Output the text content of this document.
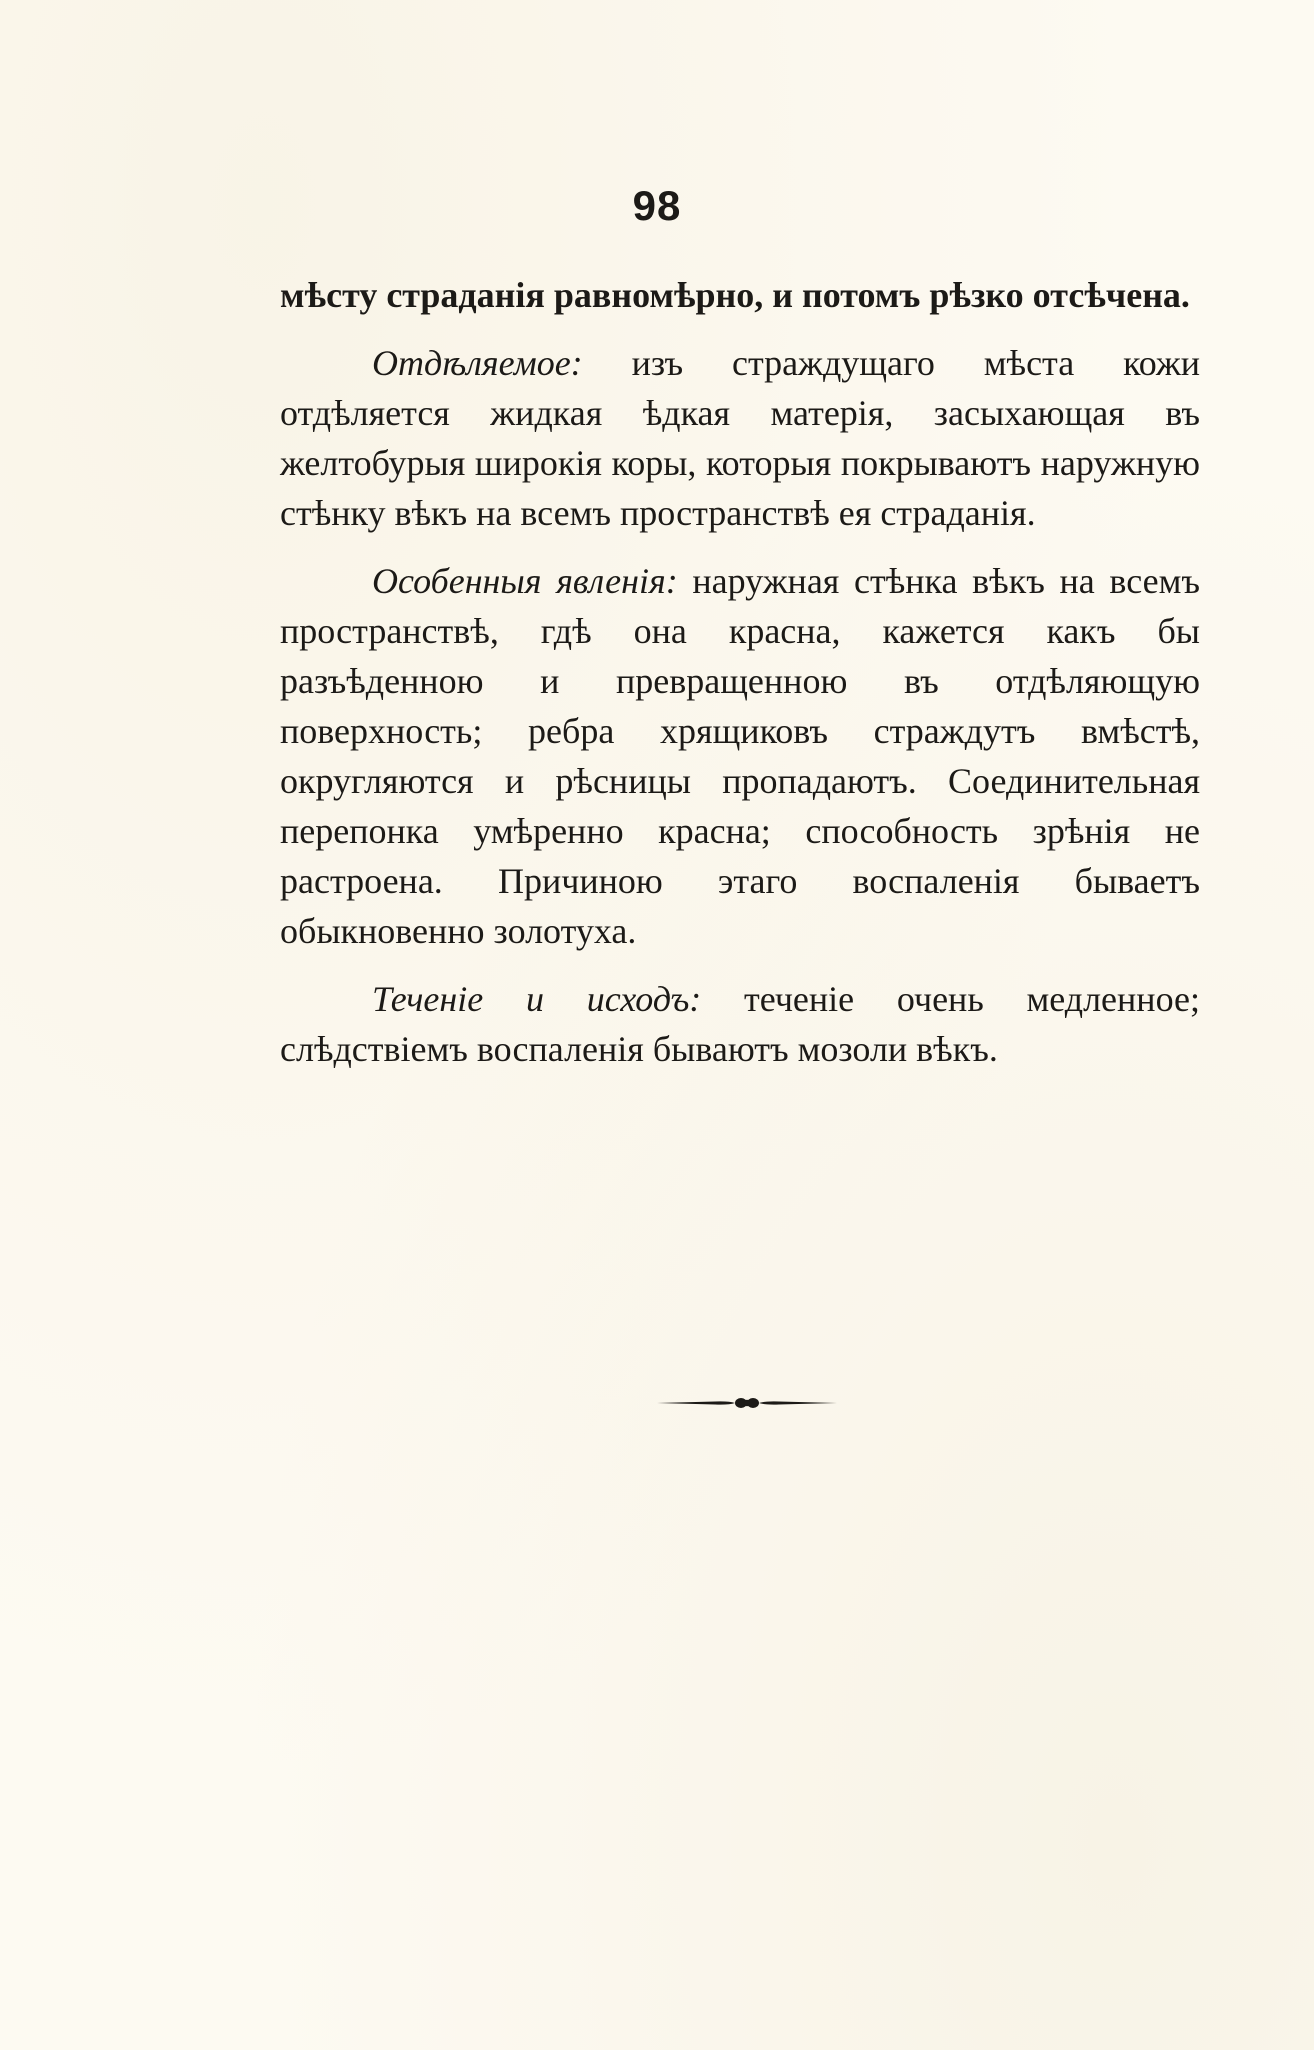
98

мѣсту страданія равномѣрно, и потомъ рѣзко отсѣчена.

Отдѣляемое: изъ страждущаго мѣста кожи отдѣляется жидкая ѣдкая матерія, засыхающая въ желтобурыя широкія коры, которыя покрываютъ наружную стѣнку вѣкъ на всемъ пространствѣ ея страданія.

Особенныя явленія: наружная стѣнка вѣкъ на всемъ пространствѣ, гдѣ она красна, кажется какъ бы разъѣденною и превращенною въ отдѣляющую поверхность; ребра хрящиковъ страждутъ вмѣстѣ, округляются и рѣсницы пропадаютъ. Соединительная перепонка умѣренно красна; способность зрѣнія не растроена. Причиною этаго воспаленія бываетъ обыкновенно золотуха.

Теченіе и исходъ: теченіе очень медленное; слѣдствіемъ воспаленія бываютъ мозоли вѣкъ.
